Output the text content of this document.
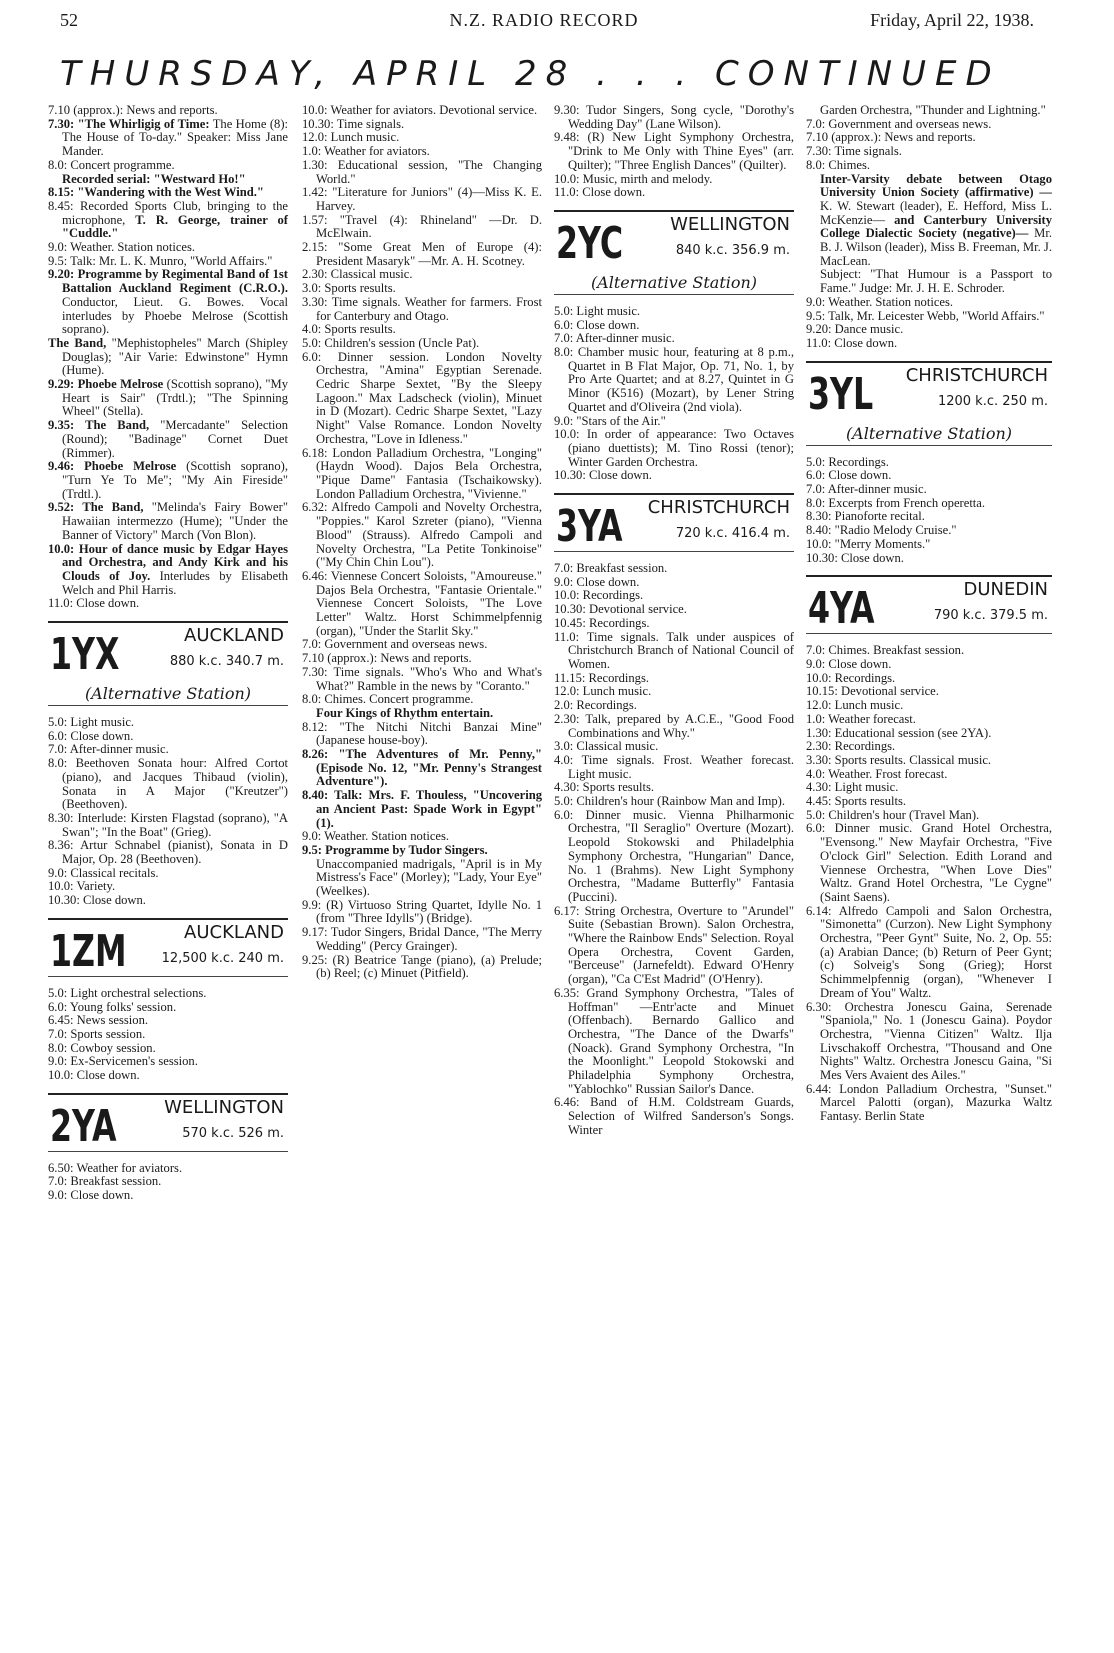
52	N.Z. RADIO RECORD	Friday, April 22, 1938.
THURSDAY, APRIL 28 . . . CONTINUED

7.10 (approx.): News and reports.

7.30: "The Whirligig of Time: The Home (8): The House of To-day." Speaker: Miss Jane Mander.

8.0: Concert programme.
Recorded serial: "Westward Ho!"

8.15: "Wandering with the West Wind."

8.45: Recorded Sports Club, bringing to the microphone, T. R. George, trainer of "Cuddle."

9.0: Weather. Station notices.

9.5: Talk: Mr. L. K. Munro, "World Affairs."

9.20: Programme by Regimental Band of 1st Battalion Auckland Regiment (C.R.O.). Conductor, Lieut. G. Bowes. Vocal interludes by Phoebe Melrose (Scottish soprano).

The Band, "Mephistopheles" March (Shipley Douglas); "Air Varie: Edwinstone" Hymn (Hume).

9.29: Phoebe Melrose (Scottish soprano), "My Heart is Sair" (Trdtl.); "The Spinning Wheel" (Stella).

9.35: The Band, "Mercadante" Selection (Round); "Badinage" Cornet Duet (Rimmer).

9.46: Phoebe Melrose (Scottish soprano), "Turn Ye To Me"; "My Ain Fireside" (Trdtl.).

9.52: The Band, "Melinda's Fairy Bower" Hawaiian intermezzo (Hume); "Under the Banner of Victory" March (Von Blon).

10.0: Hour of dance music by Edgar Hayes and Orchestra, and Andy Kirk and his Clouds of Joy. Interludes by Elisabeth Welch and Phil Harris.

11.0: Close down.

1YX	AUCKLAND
880 k.c. 340.7 m.
(Alternative Station)

5.0: Light music.

6.0: Close down.

7.0: After-dinner music.

8.0: Beethoven Sonata hour: Alfred Cortot (piano), and Jacques Thibaud (violin), Sonata in A Major ("Kreutzer") (Beethoven).

8.30: Interlude: Kirsten Flagstad (soprano), "A Swan"; "In the Boat" (Grieg).

8.36: Artur Schnabel (pianist), Sonata in D Major, Op. 28 (Beethoven).

9.0: Classical recitals.

10.0: Variety.

10.30: Close down.

1ZM	AUCKLAND
12,500 k.c. 240 m.

5.0: Light orchestral selections.

6.0: Young folks' session.

6.45: News session.

7.0: Sports session.

8.0: Cowboy session.

9.0: Ex-Servicemen's session.

10.0: Close down.

2YA	WELLINGTON
570 k.c. 526 m.

6.50: Weather for aviators.

7.0: Breakfast session.

9.0: Close down.

10.0: Weather for aviators. Devotional service.

10.30: Time signals.

12.0: Lunch music.

1.0: Weather for aviators.

1.30: Educational session, "The Changing World."

1.42: "Literature for Juniors" (4)—Miss K. E. Harvey.

1.57: "Travel (4): Rhineland" —Dr. D. McElwain.

2.15: "Some Great Men of Europe (4): President Masaryk" —Mr. A. H. Scotney.

2.30: Classical music.

3.0: Sports results.

3.30: Time signals. Weather for farmers. Frost for Canterbury and Otago.

4.0: Sports results.

5.0: Children's session (Uncle Pat).

6.0: Dinner session. London Novelty Orchestra, "Amina" Egyptian Serenade. Cedric Sharpe Sextet, "By the Sleepy Lagoon." Max Ladscheck (violin), Minuet in D (Mozart). Cedric Sharpe Sextet, "Lazy Night" Valse Romance. London Novelty Orchestra, "Love in Idleness."

6.18: London Palladium Orchestra, "Longing" (Haydn Wood). Dajos Bela Orchestra, "Pique Dame" Fantasia (Tschaikowsky). London Palladium Orchestra, "Vivienne."

6.32: Alfredo Campoli and Novelty Orchestra, "Poppies." Karol Szreter (piano), "Vienna Blood" (Strauss). Alfredo Campoli and Novelty Orchestra, "La Petite Tonkinoise" ("My Chin Chin Lou").

6.46: Viennese Concert Soloists, "Amoureuse." Dajos Bela Orchestra, "Fantasie Orientale." Viennese Concert Soloists, "The Love Letter" Waltz. Horst Schimmelpfennig (organ), "Under the Starlit Sky."

7.0: Government and overseas news.

7.10 (approx.): News and reports.

7.30: Time signals. "Who's Who and What's What?" Ramble in the news by "Coranto."

8.0: Chimes. Concert programme.

Four Kings of Rhythm entertain.

8.12: "The Nitchi Nitchi Banzai Mine" (Japanese house-boy).

8.26: "The Adventures of Mr. Penny," (Episode No. 12, "Mr. Penny's Strangest Adventure").

8.40: Talk: Mrs. F. Thouless, "Uncovering an Ancient Past: Spade Work in Egypt" (1).

9.0: Weather. Station notices.

9.5: Programme by Tudor Singers.

Unaccompanied madrigals, "April is in My Mistress's Face" (Morley); "Lady, Your Eye" (Weelkes).

9.9: (R) Virtuoso String Quartet, Idylle No. 1 (from "Three Idylls") (Bridge).

9.17: Tudor Singers, Bridal Dance, "The Merry Wedding" (Percy Grainger).

9.25: (R) Beatrice Tange (piano), (a) Prelude; (b) Reel; (c) Minuet (Pitfield).

9.30: Tudor Singers, Song cycle, "Dorothy's Wedding Day" (Lane Wilson).

9.48: (R) New Light Symphony Orchestra, "Drink to Me Only with Thine Eyes" (arr. Quilter); "Three English Dances" (Quilter).

10.0: Music, mirth and melody.

11.0: Close down.

2YC	WELLINGTON
840 k.c. 356.9 m.
(Alternative Station)

5.0: Light music.

6.0: Close down.

7.0: After-dinner music.

8.0: Chamber music hour, featuring at 8 p.m., Quartet in B Flat Major, Op. 71, No. 1, by Pro Arte Quartet; and at 8.27, Quintet in G Minor (K516) (Mozart), by Lener String Quartet and d'Oliveira (2nd viola).

9.0: "Stars of the Air."

10.0: In order of appearance: Two Octaves (piano duettists); M. Tino Rossi (tenor); Winter Garden Orchestra.

10.30: Close down.

3YA CHRISTCHURCH
720 k.c. 416.4 m.

7.0: Breakfast session.

9.0: Close down.

10.0: Recordings.

10.30: Devotional service.

10.45: Recordings.

11.0: Time signals. Talk under auspices of Christchurch Branch of National Council of Women.

11.15: Recordings.

12.0: Lunch music.

2.0: Recordings.

2.30: Talk, prepared by A.C.E., "Good Food Combinations and Why."

3.0: Classical music.

4.0: Time signals. Frost. Weather forecast. Light music.

4.30: Sports results.

5.0: Children's hour (Rainbow Man and Imp).

6.0: Dinner music. Vienna Philharmonic Orchestra, "Il Seraglio" Overture (Mozart). Leopold Stokowski and Philadelphia Symphony Orchestra, "Hungarian" Dance, No. 1 (Brahms). New Light Symphony Orchestra, "Madame Butterfly" Fantasia (Puccini).

6.17: String Orchestra, Overture to "Arundel" Suite (Sebastian Brown). Salon Orchestra, "Where the Rainbow Ends" Selection. Royal Opera Orchestra, Covent Garden, "Berceuse" (Jarnefeldt). Edward O'Henry (organ), "Ca C'Est Madrid" (O'Henry).

6.35: Grand Symphony Orchestra, "Tales of Hoffman" —Entr'acte and Minuet (Offenbach). Bernardo Gallico and Orchestra, "The Dance of the Dwarfs" (Noack). Grand Symphony Orchestra, "In the Moonlight." Leopold Stokowski and Philadelphia Symphony Orchestra, "Yablochko" Russian Sailor's Dance.

6.46: Band of H.M. Coldstream Guards, Selection of Wilfred Sanderson's Songs. Winter

Garden Orchestra, "Thunder and Lightning."

7.0: Government and overseas news.

7.10 (approx.): News and reports.

7.30: Time signals.

8.0: Chimes.

Inter-Varsity debate between Otago University Union Society (affirmative) — K. W. Stewart (leader), E. Hefford, Miss L. McKenzie— and Canterbury University College Dialectic Society (negative)— Mr. B. J. Wilson (leader), Miss B. Freeman, Mr. J. MacLean.

Subject: "That Humour is a Passport to Fame." Judge: Mr. J. H. E. Schroder.

9.0: Weather. Station notices.

9.5: Talk, Mr. Leicester Webb, "World Affairs."

9.20: Dance music.

11.0: Close down.

3YL CHRISTCHURCH
1200 k.c. 250 m.
(Alternative Station)

5.0: Recordings.

6.0: Close down.

7.0: After-dinner music.

8.0: Excerpts from French operetta.

8.30: Pianoforte recital.

8.40: "Radio Melody Cruise."

10.0: "Merry Moments."

10.30: Close down.

4YA	DUNEDIN
790 k.c. 379.5 m.

7.0: Chimes. Breakfast session.

9.0: Close down.

10.0: Recordings.

10.15: Devotional service.

12.0: Lunch music.

1.0: Weather forecast.

1.30: Educational session (see 2YA).

2.30: Recordings.

3.30: Sports results. Classical music.

4.0: Weather. Frost forecast.

4.30: Light music.

4.45: Sports results.

5.0: Children's hour (Travel Man).

6.0: Dinner music. Grand Hotel Orchestra, "Evensong." New Mayfair Orchestra, "Five O'clock Girl" Selection. Edith Lorand and Viennese Orchestra, "When Love Dies" Waltz. Grand Hotel Orchestra, "Le Cygne" (Saint Saens).

6.14: Alfredo Campoli and Salon Orchestra, "Simonetta" (Curzon). New Light Symphony Orchestra, "Peer Gynt" Suite, No. 2, Op. 55: (a) Arabian Dance; (b) Return of Peer Gynt; (c) Solveig's Song (Grieg); Horst Schimmelpfennig (organ), "Whenever I Dream of You" Waltz.

6.30: Orchestra Jonescu Gaina, Serenade "Spaniola," No. 1 (Jonescu Gaina). Poydor Orchestra, "Vienna Citizen" Waltz. Ilja Livschakoff Orchestra, "Thousand and One Nights" Waltz. Orchestra Jonescu Gaina, "Si Mes Vers Avaient des Ailes."

6.44: London Palladium Orchestra, "Sunset." Marcel Palotti (organ), Mazurka Waltz Fantasy. Berlin State
